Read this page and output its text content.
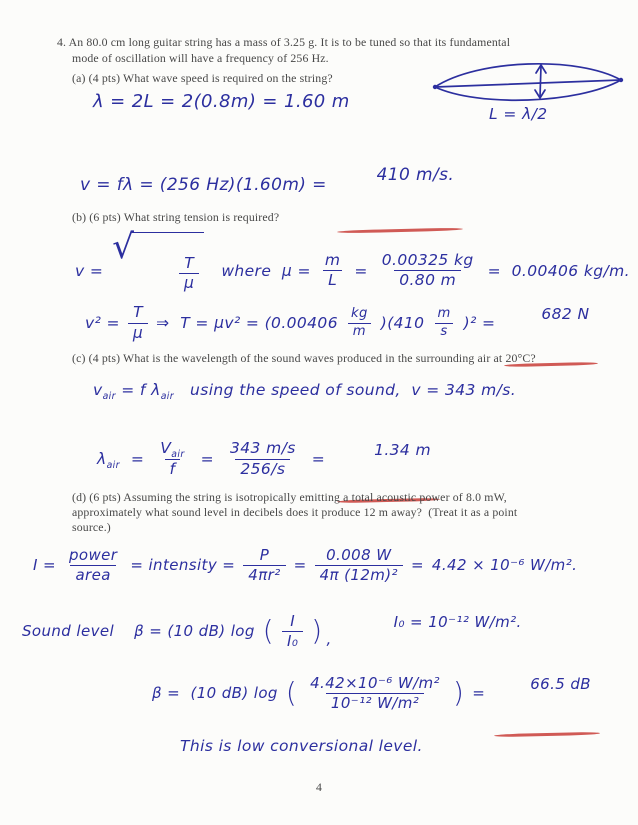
4. An 80.0 cm long guitar string has a mass of 3.25 g. It is to be tuned so that its fundamental
mode of oscillation will have a frequency of 256 Hz.
(a) (4 pts) What wave speed is required on the string?
λ = 2L = 2(0.8m) = 1.60 m
L = λ/2
v = fλ = (256 Hz)(1.60m) =	410 m/s.

(b) (6 pts) What string tension is required?
v =
√

$\frac{T}{\mu}$

where  $\mu = \frac{m}{L} = \frac{0.00325 kg}{0.80 m} = 0.00406$ kg/m.
$v^2 = \frac{T}{\mu}$ ⇒  $T = \mu v^2 = (0.00406 \frac{kg}{m} )(410 \frac{m}{s} )^2$ =	682 N

(c) (4 pts) What is the wavelength of the sound waves produced in the surrounding air at 20°C?
$v_{air} = f$ $\lambda_{air}$   using the speed of sound,  v = 343 m/s.
$\lambda_{air} = \frac{V_{air}}{f} = \frac{343 m/s}{256/s}$ =	1.34 m

(d) (6 pts) Assuming the string is isotropically emitting a total acoustic power of 8.0 mW,
approximately what sound level in decibels does it produce 12 m away?  (Treat it as a point
source.)
$I = \frac{\text{power}}{\text{area}}$ = intensity = $\frac{P}{\text{4πr²}} = \frac{0.008 W}{\text{4π (12m)²}} = 4.42 \times 10^{-6}$ W/m².
Sound level β = (10 dB) log ( $\frac{I}{\text{I₀}}$ ) ,
I₀ = 10⁻¹² W/m².
β =  (10 dB) log ( $\frac{\text{4.42×10⁻⁶ W/m²}}{\text{10⁻¹² W/m²}}$ ) =	66.5 dB

This is low conversional level.
4
